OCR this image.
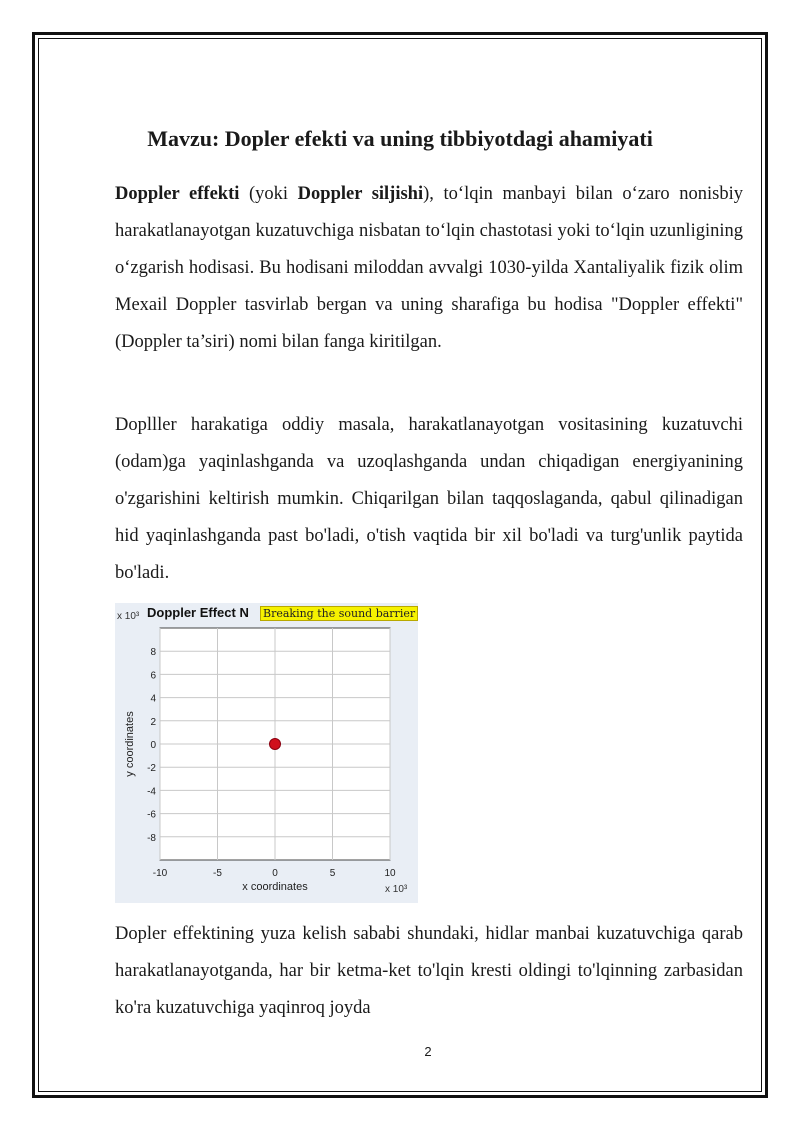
Mavzu: Dopler efekti va uning tibbiyotdagi ahamiyati

Doppler effekti (yoki Doppler siljishi), to‘lqin manbayi bilan o‘zaro nonisbiy harakatlanayotgan kuzatuvchiga nisbatan to‘lqin chastotasi yoki to‘lqin uzunligining o‘zgarish hodisasi. Bu hodisani miloddan avvalgi 1030-yilda Xantaliyalik fizik olim Mexail Doppler tasvirlab bergan va uning sharafiga bu hodisa "Doppler effekti" (Doppler ta’siri) nomi bilan fanga kiritilgan.

Doplller harakatiga oddiy masala, harakatlanayotgan vositasining kuzatuvchi (odam)ga yaqinlashganda va uzoqlashganda undan chiqadigan energiyanining o'zgarishini keltirish mumkin. Chiqarilgan bilan taqqoslaganda, qabul qilinadigan hid yaqinlashganda past bo'ladi, o'tish vaqtida bir xil bo'ladi va turg'unlik paytida bo'ladi.

-10	-5	0	5	10
8
6
4
2
0
-2
-4
-6
-8
x coordinates
y coordinates
x 10³ Doppler Effect N Breaking the sound barrier
x 10³

Dopler effektining yuza kelish sababi shundaki, hidlar manbai kuzatuvchiga qarab harakatlanayotganda, har bir ketma-ket to'lqin kresti oldingi to'lqinning zarbasidan ko'ra kuzatuvchiga yaqinroq joyda

2
